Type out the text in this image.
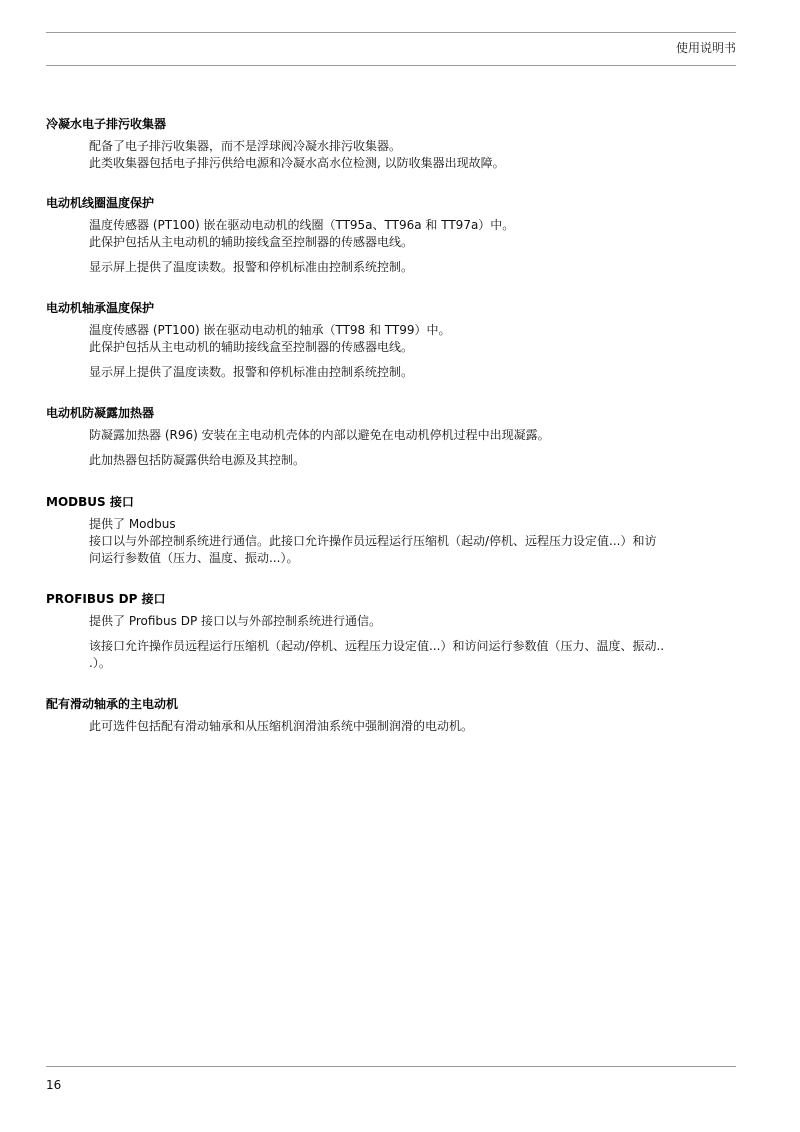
使用说明书
冷凝水电子排污收集器

配备了电子排污收集器，而不是浮球阀冷凝水排污收集器。

此类收集器包括电子排污供给电源和冷凝水高水位检测, 以防收集器出现故障。

电动机线圈温度保护

温度传感器 (PT100) 嵌在驱动电动机的线圈（TT95a、TT96a 和 TT97a）中。

此保护包括从主电动机的辅助接线盒至控制器的传感器电线。

显示屏上提供了温度读数。报警和停机标准由控制系统控制。

电动机轴承温度保护

温度传感器 (PT100) 嵌在驱动电动机的轴承（TT98 和 TT99）中。

此保护包括从主电动机的辅助接线盒至控制器的传感器电线。

显示屏上提供了温度读数。报警和停机标准由控制系统控制。

电动机防凝露加热器

防凝露加热器 (R96) 安装在主电动机壳体的内部以避免在电动机停机过程中出现凝露。

此加热器包括防凝露供给电源及其控制。

MODBUS 接口

提供了 Modbus

接口以与外部控制系统进行通信。此接口允许操作员远程运行压缩机（起动/停机、远程压力设定值...）和访

问运行参数值（压力、温度、振动...）。

PROFIBUS DP 接口

提供了 Profibus DP 接口以与外部控制系统进行通信。

该接口允许操作员远程运行压缩机（起动/停机、远程压力设定值...）和访问运行参数值（压力、温度、振动..

.）。

配有滑动轴承的主电动机

此可选件包括配有滑动轴承和从压缩机润滑油系统中强制润滑的电动机。

16
